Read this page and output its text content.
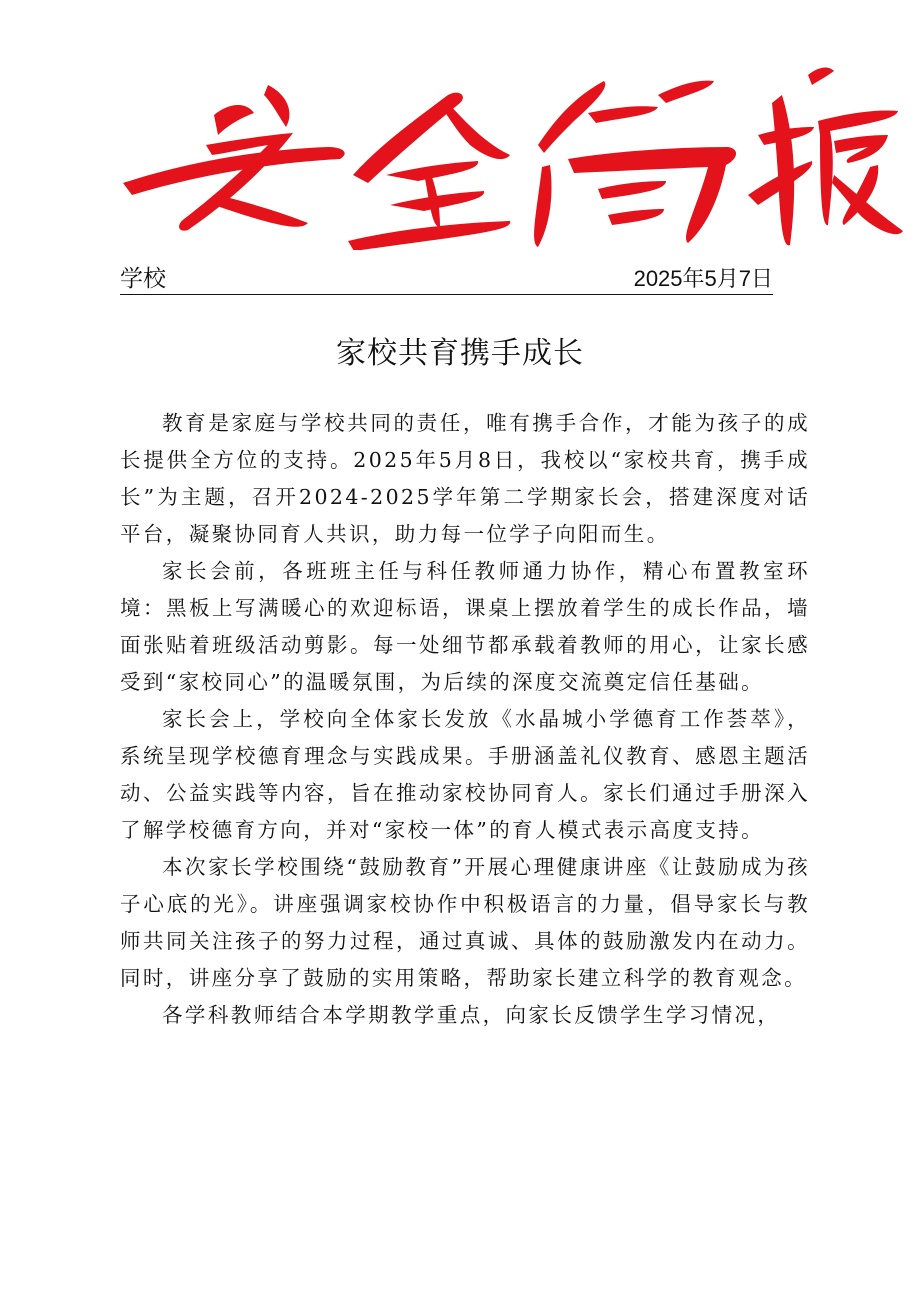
学校	2025年5月7日
家校共育携手成长

教育是家庭与学校共同的责任，唯有携手合作，才能为孩子的成长提供全方位的支持。2025年5月8日，我校以“家校共育，携手成长”为主题，召开2024-2025学年第二学期家长会，搭建深度对话平台，凝聚协同育人共识，助力每一位学子向阳而生。

家长会前，各班班主任与科任教师通力协作，精心布置教室环境：黑板上写满暖心的欢迎标语，课桌上摆放着学生的成长作品，墙面张贴着班级活动剪影。每一处细节都承载着教师的用心，让家长感受到“家校同心”的温暖氛围，为后续的深度交流奠定信任基础。

家长会上，学校向全体家长发放《水晶城小学德育工作荟萃》，系统呈现学校德育理念与实践成果。手册涵盖礼仪教育、感恩主题活动、公益实践等内容，旨在推动家校协同育人。家长们通过手册深入了解学校德育方向，并对“家校一体”的育人模式表示高度支持。

本次家长学校围绕“鼓励教育”开展心理健康讲座《让鼓励成为孩子心底的光》。讲座强调家校协作中积极语言的力量，倡导家长与教师共同关注孩子的努力过程，通过真诚、具体的鼓励激发内在动力。同时，讲座分享了鼓励的实用策略，帮助家长建立科学的教育观念。

各学科教师结合本学期教学重点，向家长反馈学生学习情况，
